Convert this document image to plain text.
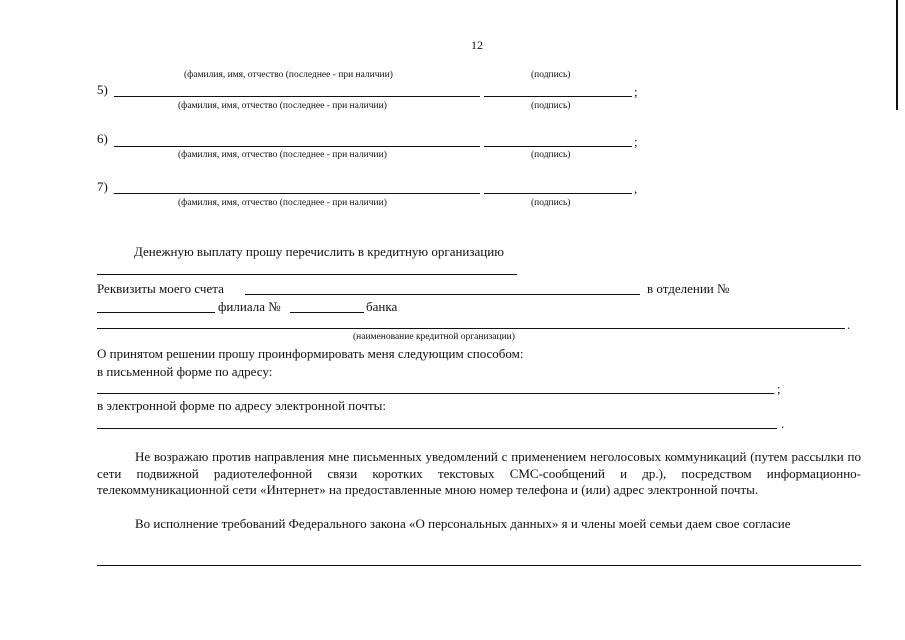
12
(фамилия, имя, отчество (последнее - при наличии)	(подпись)
5)	;
(фамилия, имя, отчество (последнее - при наличии)	(подпись)
6)	;
(фамилия, имя, отчество (последнее - при наличии)	(подпись)
7)	,
(фамилия, имя, отчество (последнее - при наличии)	(подпись)
Денежную выплату прошу перечислить в кредитную организацию
Реквизиты моего счета	в отделении №
филиала №	банка
.
(наименование кредитной организации)
О принятом решении прошу проинформировать меня следующим способом:
в письменной форме по адресу:
;
в электронной форме по адресу электронной почты:
.
Не возражаю против направления мне письменных уведомлений с применением неголосовых коммуникаций (путем рассылки по сети подвижной радиотелефонной связи коротких текстовых СМС-сообщений и др.), посредством информационно-телекоммуникационной сети «Интернет» на предоставленные мною номер телефона и (или) адрес электронной почты.
Во исполнение требований Федерального закона «О персональных данных» я и члены моей семьи даем свое согласие
